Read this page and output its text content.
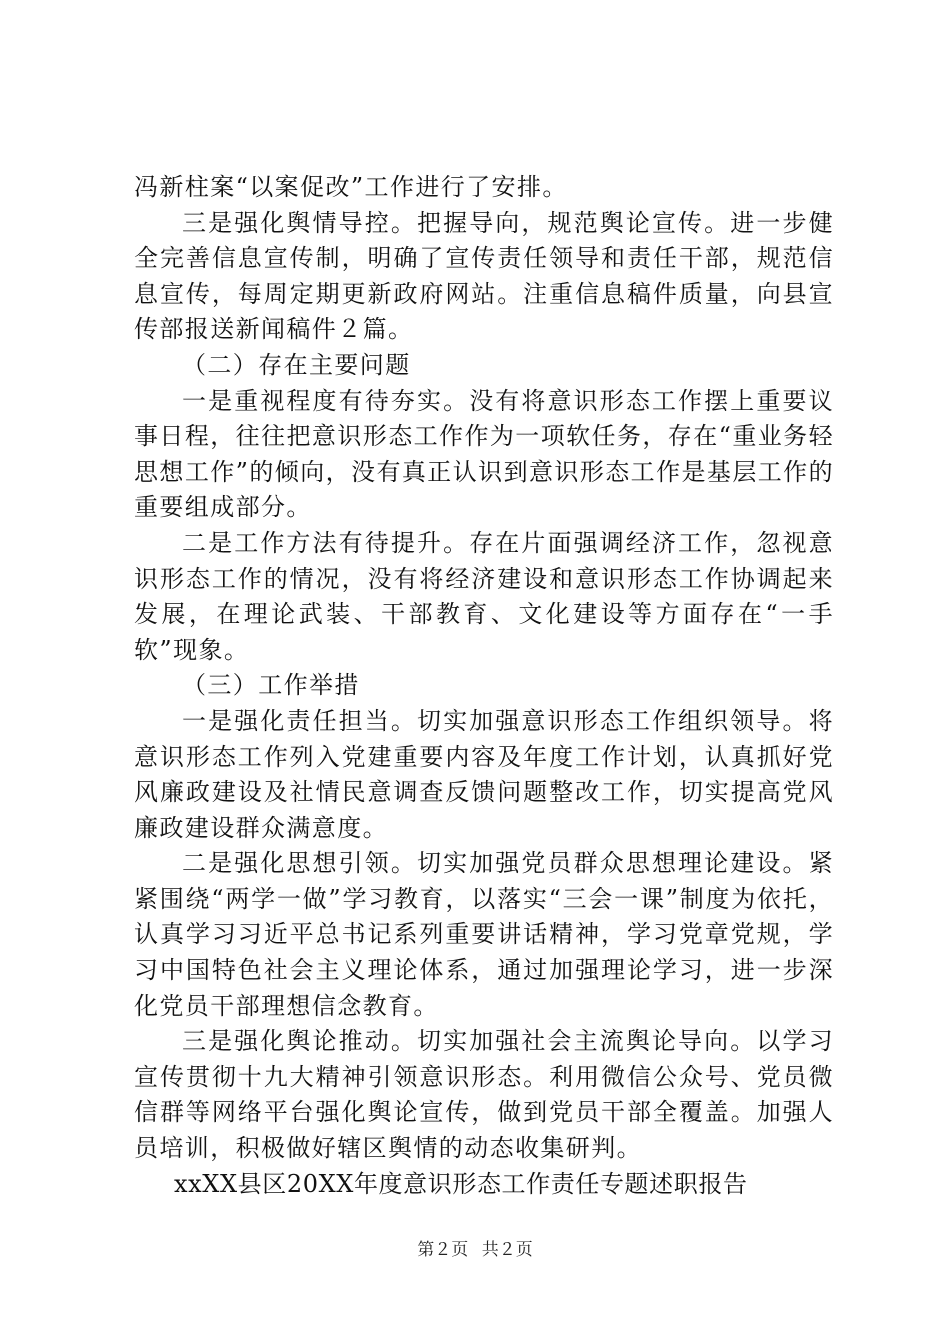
冯新柱案“以案促改”工作进行了安排。

三是强化舆情导控。把握导向，规范舆论宣传。进一步健全完善信息宣传制，明确了宣传责任领导和责任干部，规范信息宣传，每周定期更新政府网站。注重信息稿件质量，向县宣传部报送新闻稿件２篇。

（二）存在主要问题

一是重视程度有待夯实。没有将意识形态工作摆上重要议事日程，往往把意识形态工作作为一项软任务，存在“重业务轻思想工作”的倾向，没有真正认识到意识形态工作是基层工作的重要组成部分。

二是工作方法有待提升。存在片面强调经济工作，忽视意识形态工作的情况，没有将经济建设和意识形态工作协调起来发展，在理论武装、干部教育、文化建设等方面存在“一手软”现象。

（三）工作举措

一是强化责任担当。切实加强意识形态工作组织领导。将意识形态工作列入党建重要内容及年度工作计划，认真抓好党风廉政建设及社情民意调查反馈问题整改工作，切实提高党风廉政建设群众满意度。

二是强化思想引领。切实加强党员群众思想理论建设。紧紧围绕“两学一做”学习教育，以落实“三会一课”制度为依托，认真学习习近平总书记系列重要讲话精神，学习党章党规，学习中国特色社会主义理论体系，通过加强理论学习，进一步深化党员干部理想信念教育。

三是强化舆论推动。切实加强社会主流舆论导向。以学习宣传贯彻十九大精神引领意识形态。利用微信公众号、党员微信群等网络平台强化舆论宣传，做到党员干部全覆盖。加强人员培训，积极做好辖区舆情的动态收集研判。

xxXX县区20XX年度意识形态工作责任专题述职报告

第２页 共２页
